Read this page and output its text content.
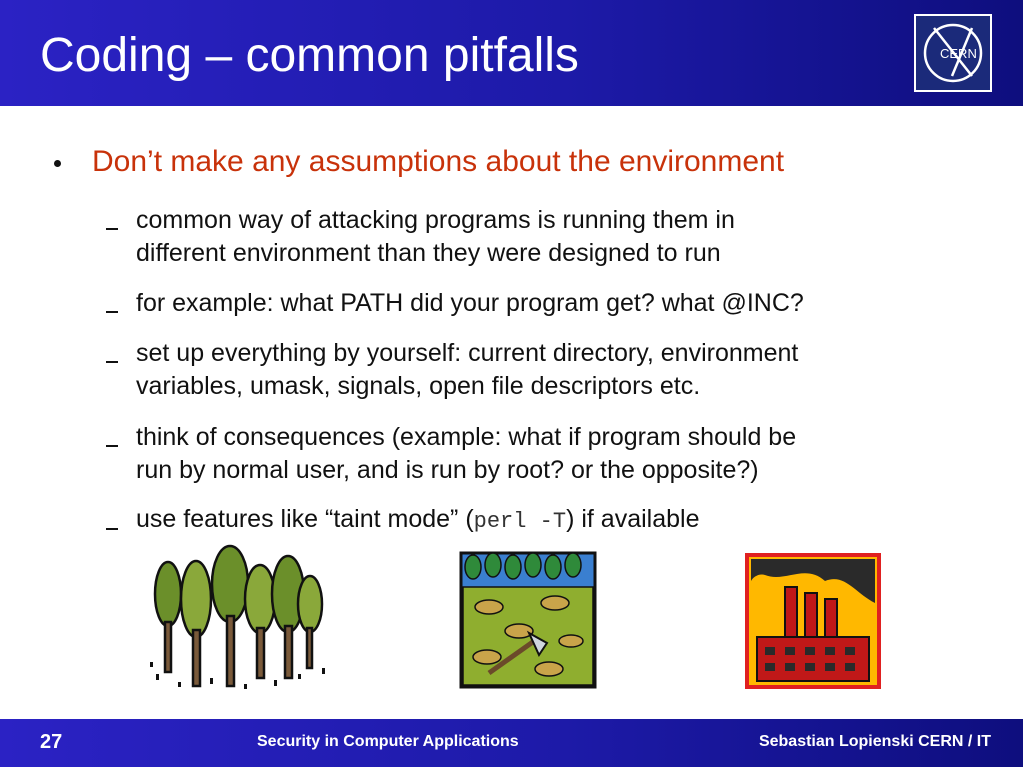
Coding – common pitfalls	CERN
Don’t make any assumptions about the environment
common way of attacking programs is running them in
different environment than they were designed to run
for example: what PATH did your program get? what @INC?
set up everything by yourself: current directory, environment
variables, umask, signals, open file descriptors etc.
think of consequences (example: what if program should be
run by normal user, and is run by root? or the opposite?)
use features like “taint mode” (perl -T) if available
27	Security in Computer Applications	Sebastian Lopienski CERN / IT
